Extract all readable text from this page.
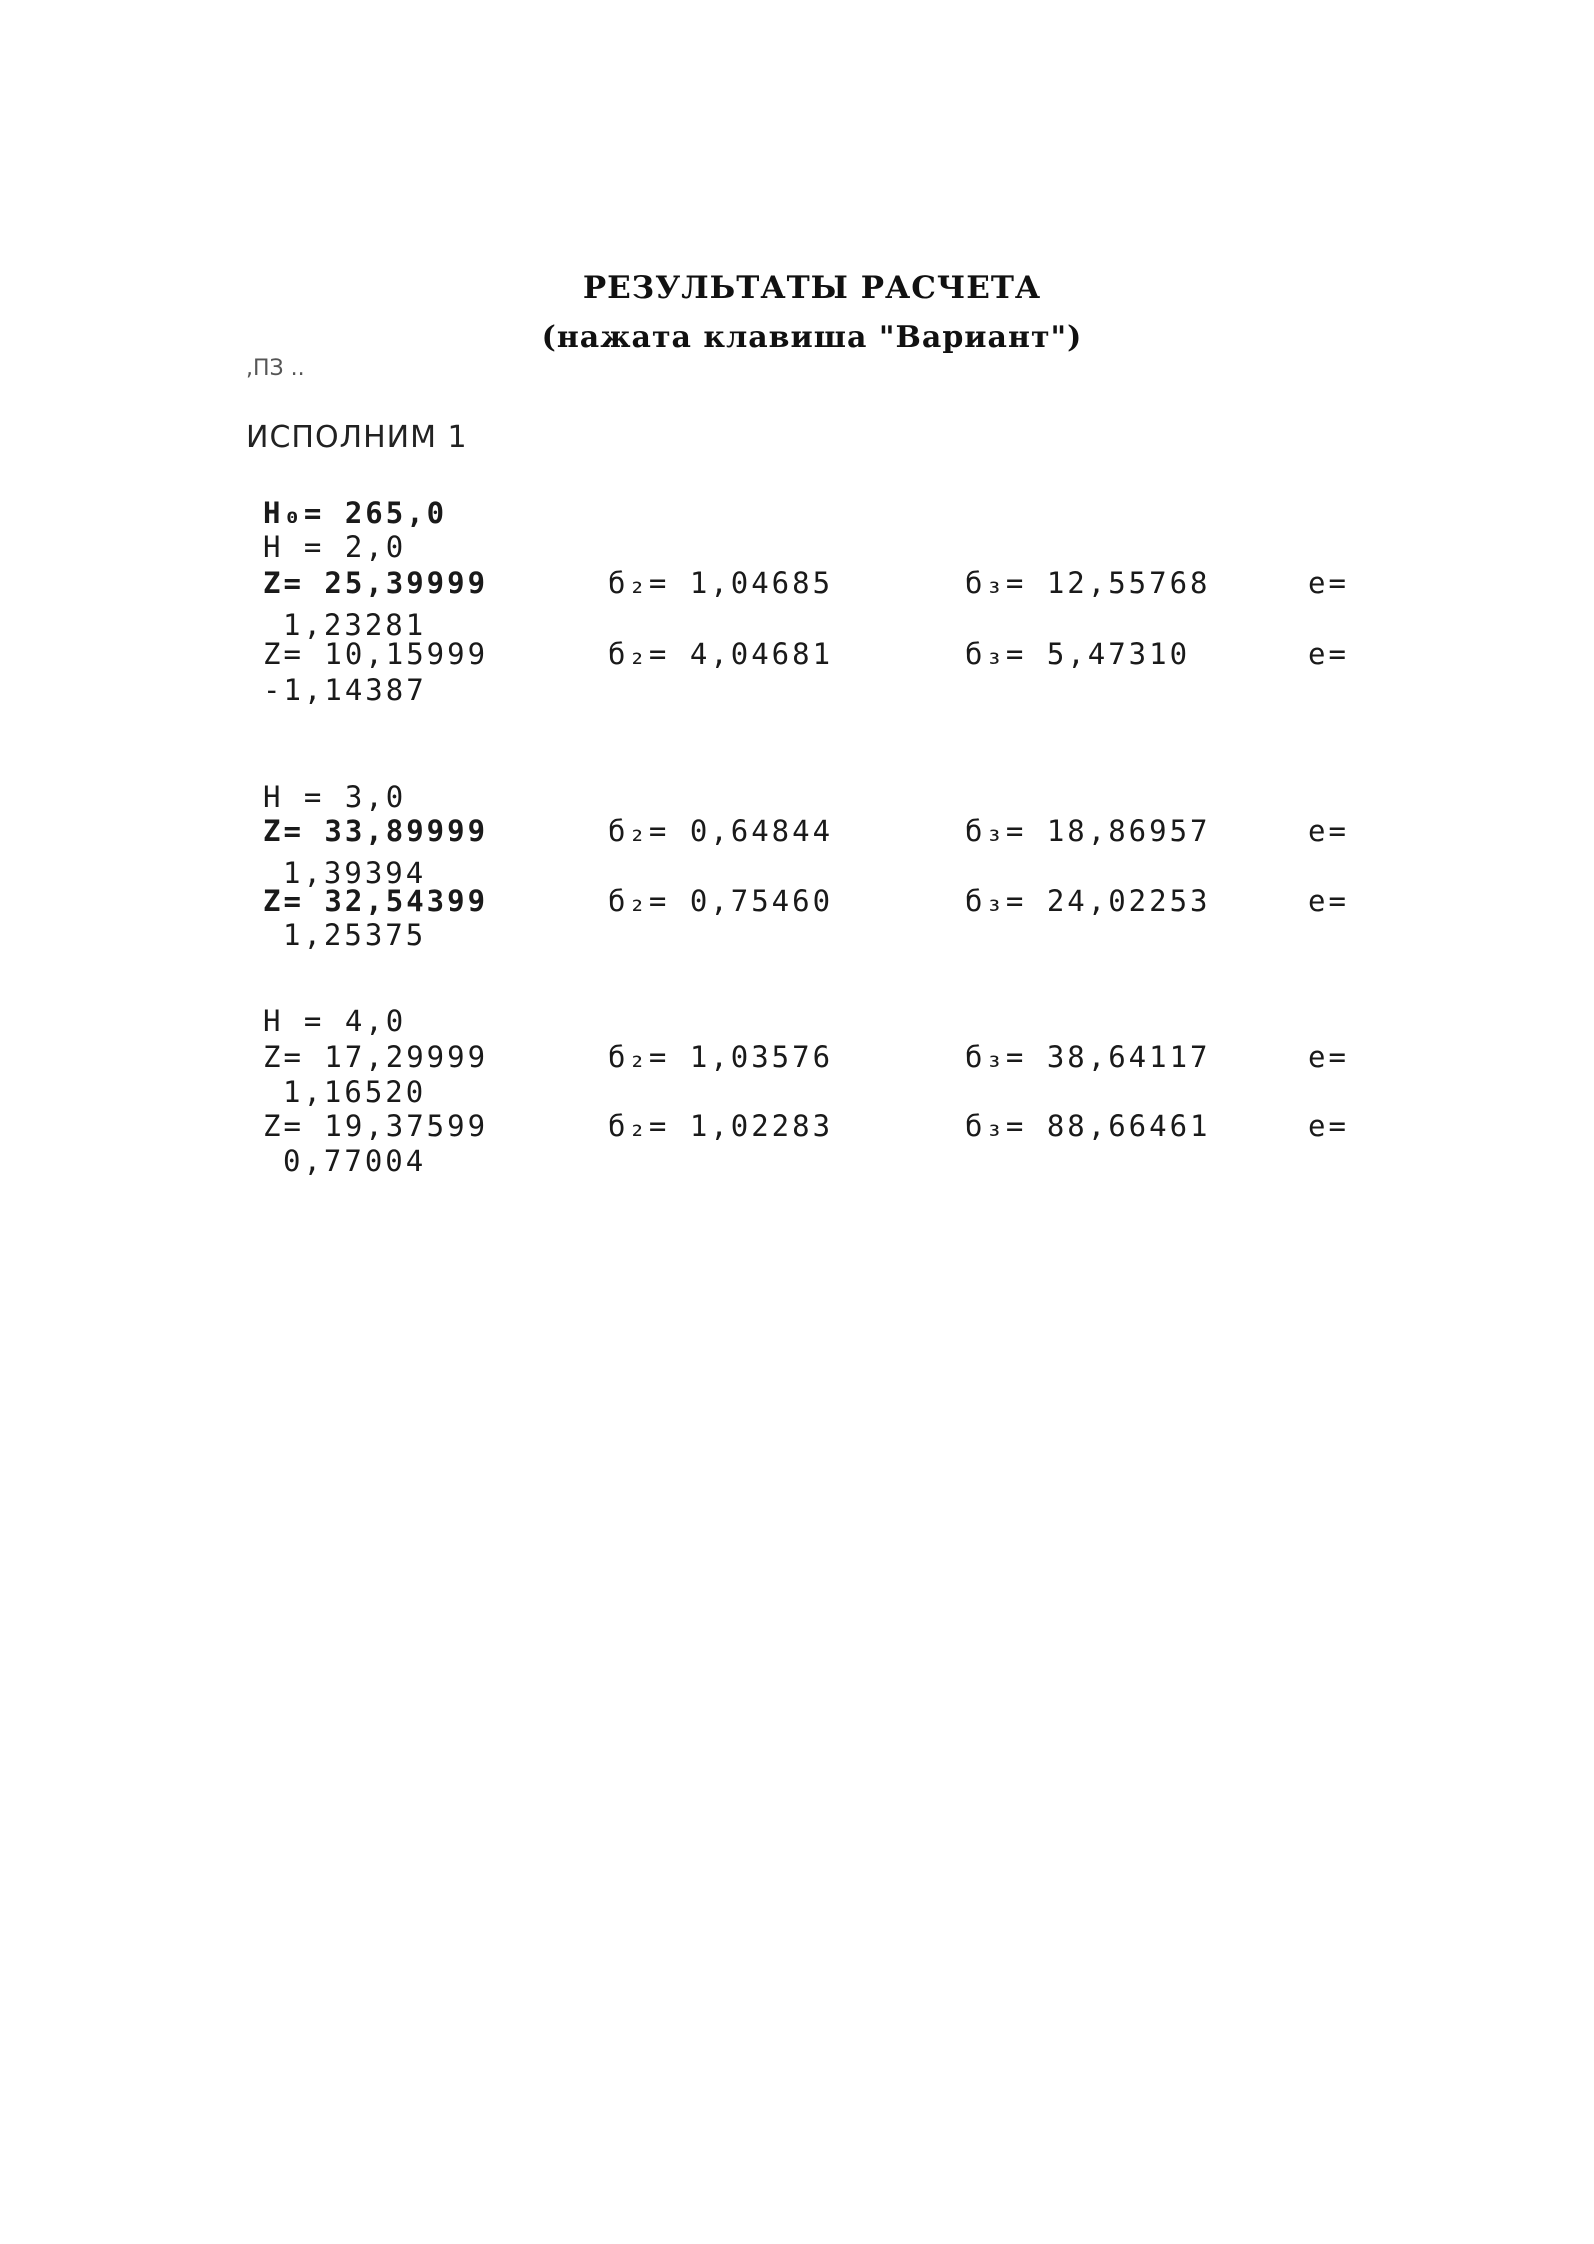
РЕЗУЛЬТАТЫ РАСЧЕТА
(нажата клавиша "Вариант")
,ПЗ ..
ИСПОЛНИМ 1
Н₀= 265,0
Н = 2,0
Z= 25,39999	б₂= 1,04685	б₃= 12,55768	е=
1,23281
Z= 10,15999	б₂= 4,04681	б₃= 5,47310	е=
-1,14387
Н = 3,0
Z= 33,89999	б₂= 0,64844	б₃= 18,86957	е=
1,39394
Z= 32,54399	б₂= 0,75460	б₃= 24,02253	е=
1,25375
Н = 4,0
Z= 17,29999	б₂= 1,03576	б₃= 38,64117	е=
1,16520
Z= 19,37599	б₂= 1,02283	б₃= 88,66461	е=
0,77004
